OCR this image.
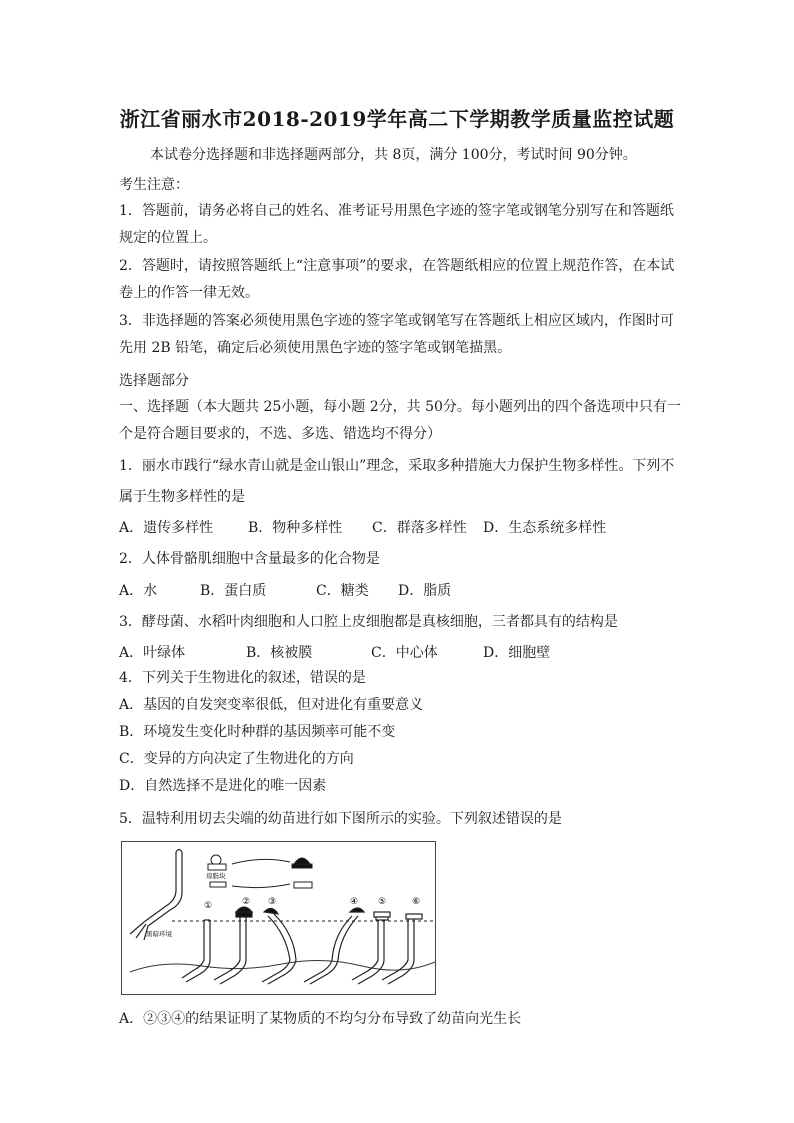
浙江省丽水市2018-2019学年高二下学期教学质量监控试题
本试卷分选择题和非选择题两部分，共 8页，满分 100分，考试时间 90分钟。
考生注意：
1．答题前，请务必将自己的姓名、准考证号用黑色字迹的签字笔或钢笔分别写在和答题纸
规定的位置上。
2．答题时，请按照答题纸上“注意事项”的要求，在答题纸相应的位置上规范作答，在本试
卷上的作答一律无效。
3．非选择题的答案必须使用黑色字迹的签字笔或钢笔写在答题纸上相应区域内，作图时可
先用 2B 铅笔，确定后必须使用黑色字迹的签字笔或钢笔描黑。
选择题部分
一、选择题（本大题共 25小题，每小题 2分，共 50分。每小题列出的四个备选项中只有一
个是符合题目要求的，不选、多选、错选均不得分）
1．丽水市践行“绿水青山就是金山银山”理念，采取多种措施大力保护生物多样性。下列不
属于生物多样性的是
A．遗传多样性 B．物种多样性 C．群落多样性 D．生态系统多样性
2．人体骨骼肌细胞中含量最多的化合物是
A．水	B．蛋白质	C．糖类 D．脂质
3．酵母菌、水稻叶肉细胞和人口腔上皮细胞都是真核细胞，三者都具有的结构是
A．叶绿体	B．核被膜	C．中心体	D．细胞壁
4．下列关于生物进化的叙述，错误的是
A．基因的自发突变率很低，但对进化有重要意义
B．环境发生变化时种群的基因频率可能不变
C．变异的方向决定了生物进化的方向
D．自然选择不是进化的唯一因素
5．温特利用切去尖端的幼苗进行如下图所示的实验。下列叙述错误的是
琼脂块
黑暗环境
①	② ③	④ ⑤	⑥
A．②③④的结果证明了某物质的不均匀分布导致了幼苗向光生长
